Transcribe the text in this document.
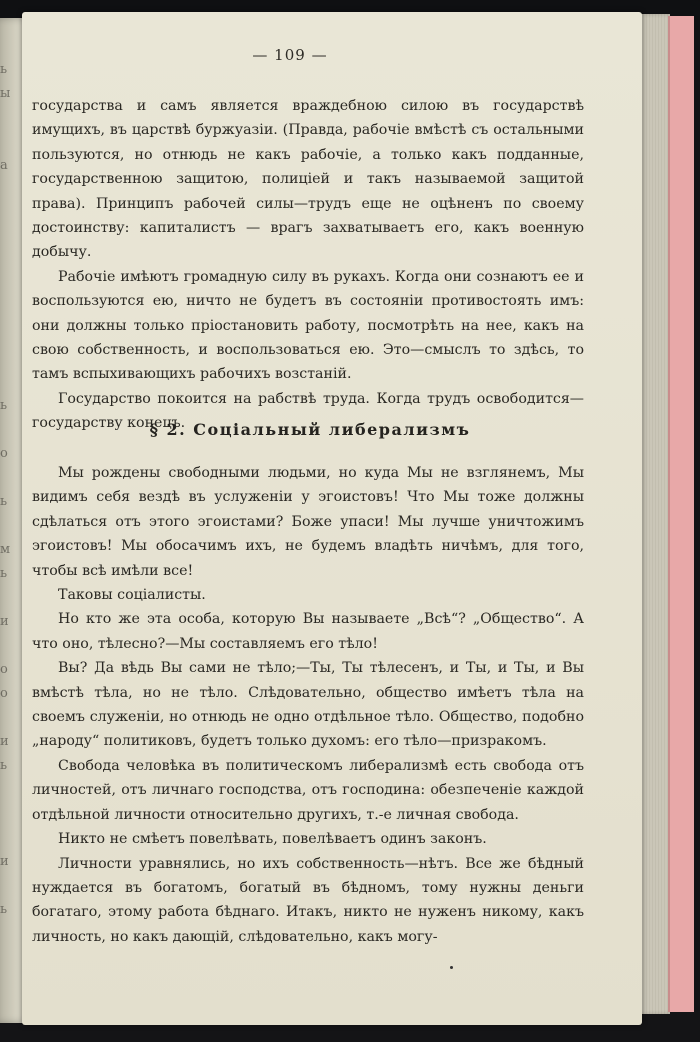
ь
ы

а

ь

о

ь

м
ь

и

о
о

и
ь

и

ь
— 109 —

государства и самъ является враждебною силою въ государствѣ имущихъ, въ царствѣ буржуазіи. (Правда, рабочіе вмѣстѣ съ остальными пользуются, но отнюдь не какъ рабочіе, а только какъ подданные, государственною защитою, полиціей и такъ называемой защитой права). Принципъ рабочей силы—трудъ еще не оцѣненъ по своему достоинству: капиталистъ — врагъ захватываетъ его, какъ военную добычу.

Рабочіе имѣютъ громадную силу въ рукахъ. Когда они сознаютъ ее и воспользуются ею, ничто не будетъ въ состояніи противостоять имъ: они должны только пріостановить работу, посмотрѣть на нее, какъ на свою собственность, и воспользоваться ею. Это—смыслъ то здѣсь, то тамъ вспыхивающихъ рабочихъ возстаній.

Государство покоится на рабствѣ труда. Когда трудъ освободится—государству конецъ.

§ 2. Соціальный либерализмъ

Мы рождены свободными людьми, но куда Мы не взглянемъ, Мы видимъ себя вездѣ въ услуженіи у эгоистовъ! Что Мы тоже должны сдѣлаться отъ этого эгоистами? Боже упаси! Мы лучше уничтожимъ эгоистовъ! Мы обосачимъ ихъ, не будемъ владѣть ничѣмъ, для того, чтобы всѣ имѣли все!

Таковы соціалисты.

Но кто же эта особа, которую Вы называете „Всѣ“? „Общество“. А что оно, тѣлесно?—Мы составляемъ его тѣло!

Вы? Да вѣдь Вы сами не тѣло;—Ты, Ты тѣлесенъ, и Ты, и Ты, и Вы вмѣстѣ тѣла, но не тѣло. Слѣдовательно, общество имѣетъ тѣла на своемъ служеніи, но отнюдь не одно отдѣльное тѣло. Общество, подобно „народу“ политиковъ, будетъ только духомъ: его тѣло—призракомъ.

Свобода человѣка въ политическомъ либерализмѣ есть свобода отъ личностей, отъ личнаго господства, отъ господина: обезпеченіе каждой отдѣльной личности относительно другихъ, т.-е личная свобода.

Никто не смѣетъ повелѣвать, повелѣваетъ одинъ законъ.

Личности уравнялись, но ихъ собственность—нѣтъ. Все же бѣдный нуждается въ богатомъ, богатый въ бѣдномъ, тому нужны деньги богатаго, этому работа бѣднаго. Итакъ, никто не нуженъ никому, какъ личность, но какъ дающій, слѣдовательно, какъ могу-
